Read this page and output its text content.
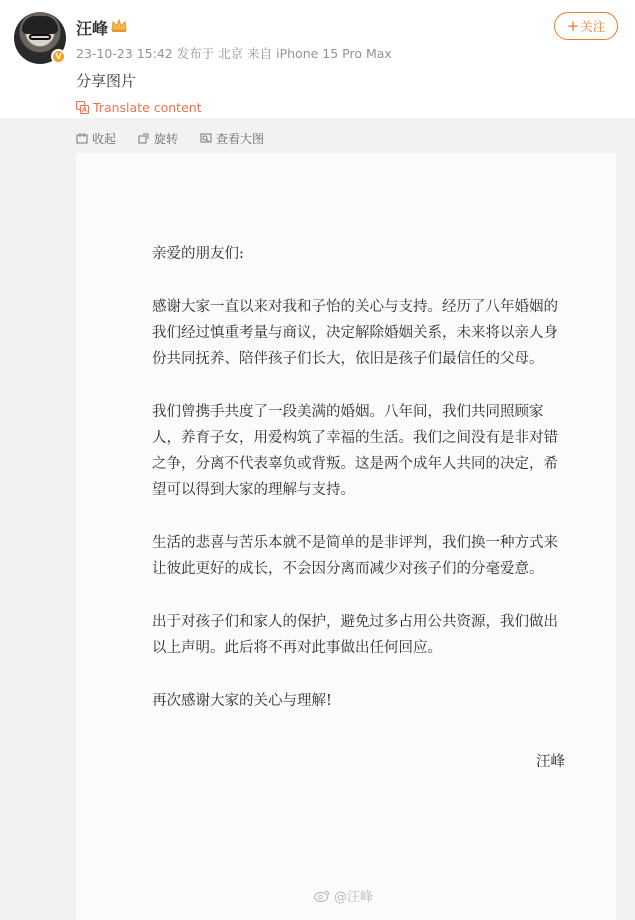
V
汪峰
23-10-23 15:42 发布于 北京 来自 iPhone 15 Pro Max
+ 关注
分享图片
Translate content
收起	旋转	查看大图

亲爱的朋友们:

感谢大家一直以来对我和子怡的关心与支持。经历了八年婚姻的我们经过慎重考量与商议，决定解除婚姻关系，未来将以亲人身份共同抚养、陪伴孩子们长大，依旧是孩子们最信任的父母。

我们曾携手共度了一段美满的婚姻。八年间，我们共同照顾家人，养育子女，用爱构筑了幸福的生活。我们之间没有是非对错之争，分离不代表辜负或背叛。这是两个成年人共同的决定，希望可以得到大家的理解与支持。

生活的悲喜与苦乐本就不是简单的是非评判，我们换一种方式来让彼此更好的成长，不会因分离而减少对孩子们的分毫爱意。

出于对孩子们和家人的保护，避免过多占用公共资源，我们做出以上声明。此后将不再对此事做出任何回应。

再次感谢大家的关心与理解!

汪峰
@汪峰
